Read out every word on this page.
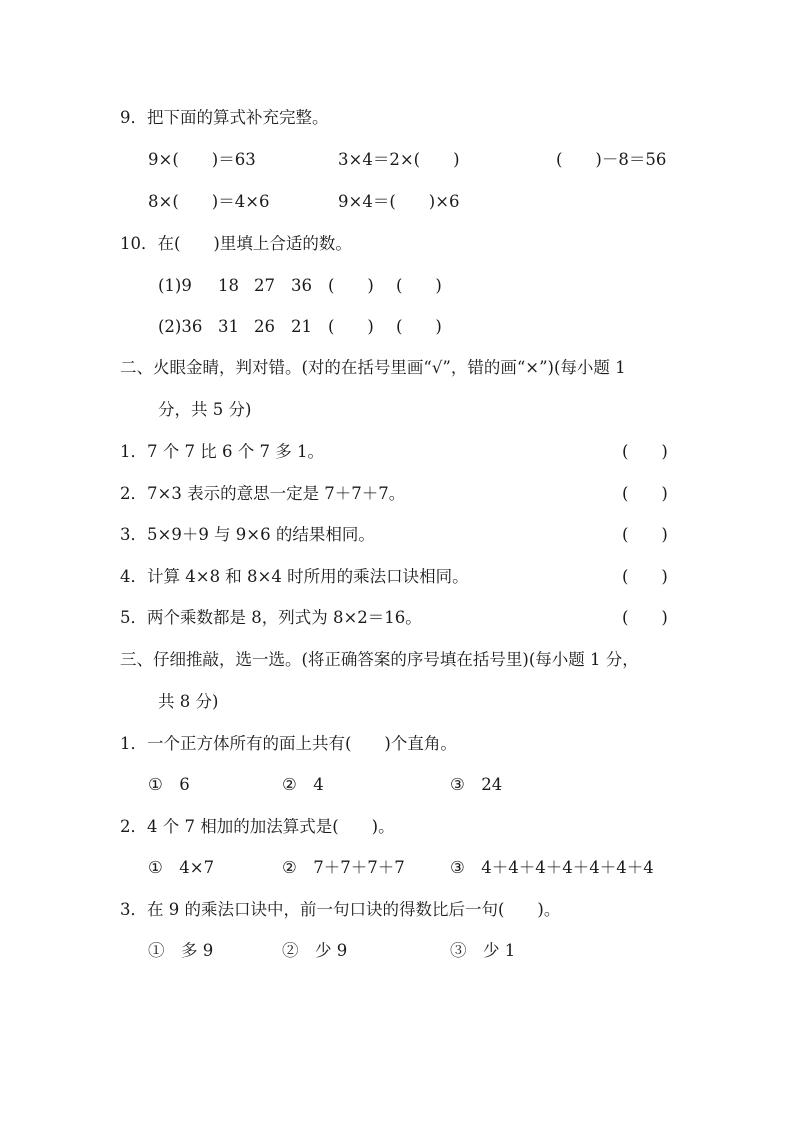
9．把下面的算式补充完整。
9×(　　)＝63	3×4＝2×(　　)	(　　)－8＝56
8×(　　)＝4×6	9×4＝(　　)×6
10．在(　　)里填上合适的数。
(1)9 18 27 36 (　　) (　　)
(2)36 31 26 21 (　　) (　　)
二、火眼金睛，判对错。(对的在括号里画“√”，错的画“×”)(每小题 1
分，共 5 分)
1．7 个 7 比 6 个 7 多 1。	(　　)
2．7×3 表示的意思一定是 7＋7＋7。	(　　)
3．5×9＋9 与 9×6 的结果相同。	(　　)
4．计算 4×8 和 8×4 时所用的乘法口诀相同。	(　　)
5．两个乘数都是 8，列式为 8×2＝16。	(　　)
三、仔细推敲，选一选。(将正确答案的序号填在括号里)(每小题 1 分，
共 8 分)
1．一个正方体所有的面上共有(　　)个直角。
①　6	②　4	③　24
2．4 个 7 相加的加法算式是(　　)。
①　4×7	②　7＋7＋7＋7	③　4＋4＋4＋4＋4＋4＋4
3．在 9 的乘法口诀中，前一句口诀的得数比后一句(　　)。
①　多 9	②　少 9	③　少 1
